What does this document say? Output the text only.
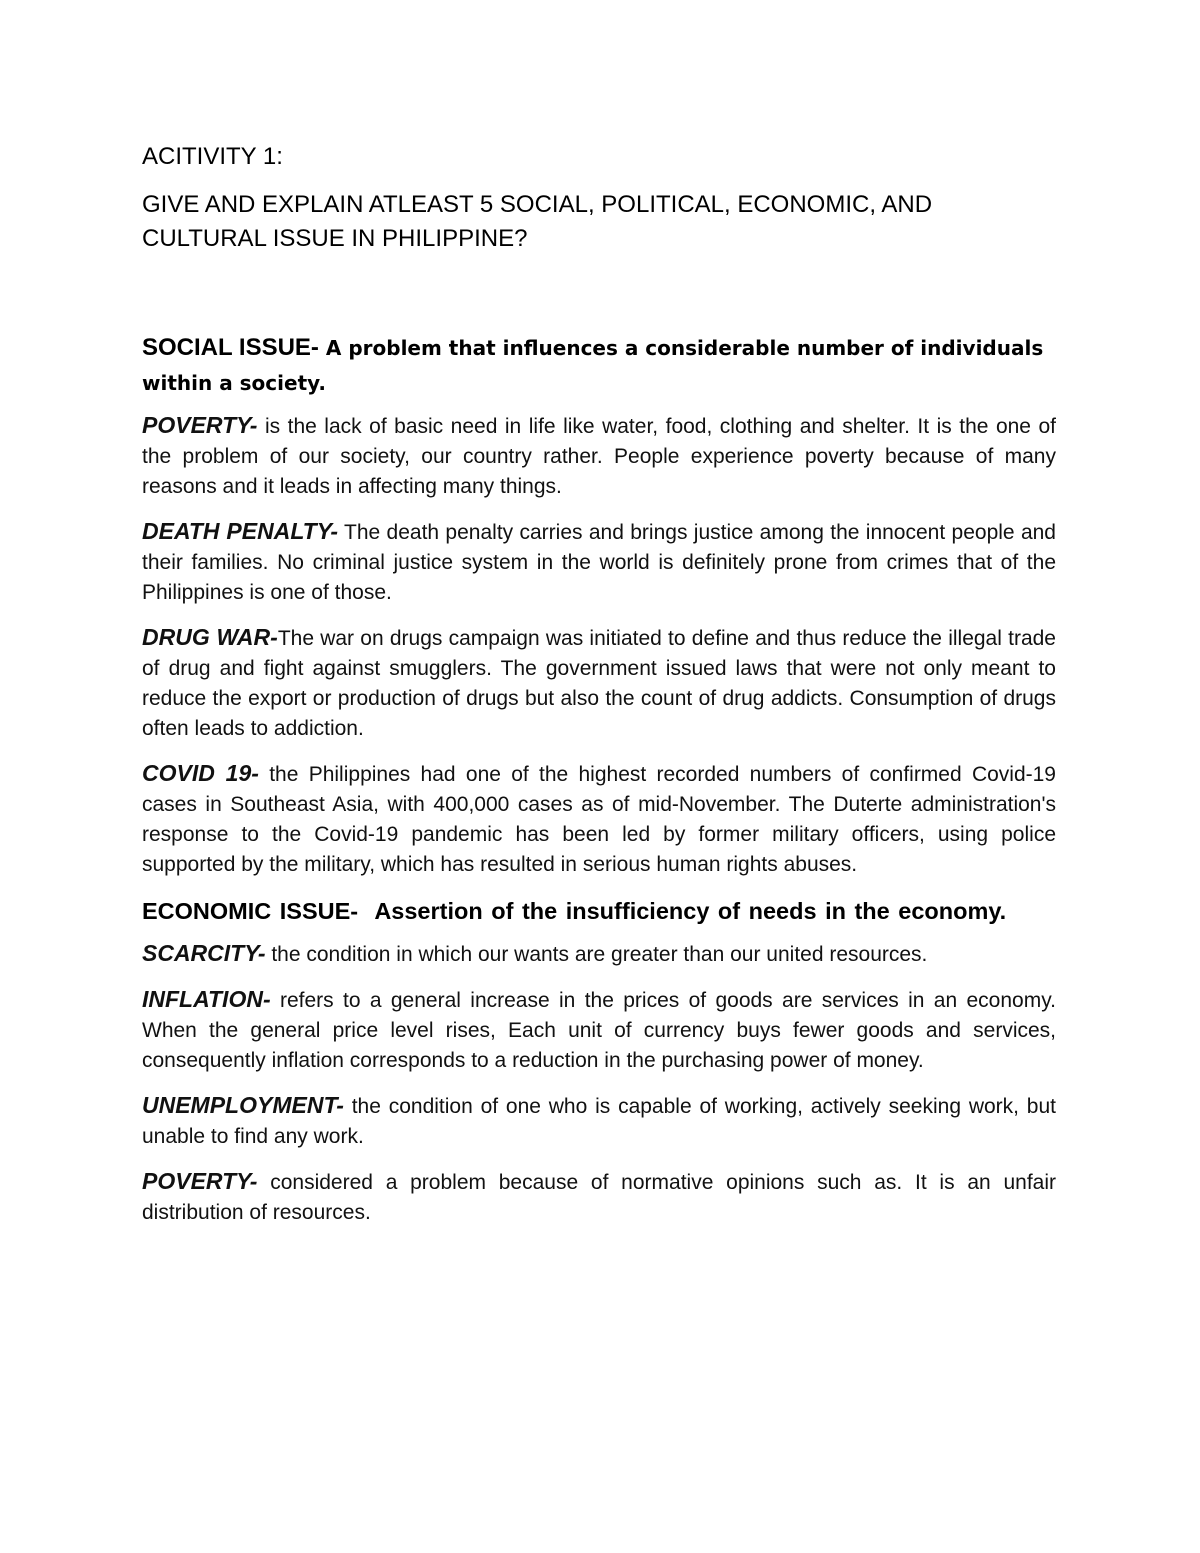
ACITIVITY 1:

GIVE AND EXPLAIN ATLEAST 5 SOCIAL, POLITICAL, ECONOMIC, AND CULTURAL ISSUE IN PHILIPPINE?

SOCIAL ISSUE- A problem that influences a considerable number of individuals within a society.

POVERTY- is the lack of basic need in life like water, food, clothing and shelter. It is the one of the problem of our society, our country rather. People experience poverty because of many reasons and it leads in affecting many things.

DEATH PENALTY- The death penalty carries and brings justice among the innocent people and their families. No criminal justice system in the world is definitely prone from crimes that of the Philippines is one of those.

DRUG WAR-The war on drugs campaign was initiated to define and thus reduce the illegal trade of drug and fight against smugglers. The government issued laws that were not only meant to reduce the export or production of drugs but also the count of drug addicts. Consumption of drugs often leads to addiction.

COVID 19- the Philippines had one of the highest recorded numbers of confirmed Covid-19 cases in Southeast Asia, with 400,000 cases as of mid-November. The Duterte administration's response to the Covid-19 pandemic has been led by former military officers, using police supported by the military, which has resulted in serious human rights abuses.

ECONOMIC ISSUE-  Assertion of the insufficiency of needs in the economy.

SCARCITY- the condition in which our wants are greater than our united resources.

INFLATION- refers to a general increase in the prices of goods are services in an economy. When the general price level rises, Each unit of currency buys fewer goods and services, consequently inflation corresponds to a reduction in the purchasing power of money.

UNEMPLOYMENT- the condition of one who is capable of working, actively seeking work, but unable to find any work.

POVERTY- considered a problem because of normative opinions such as. It is an unfair distribution of resources.
